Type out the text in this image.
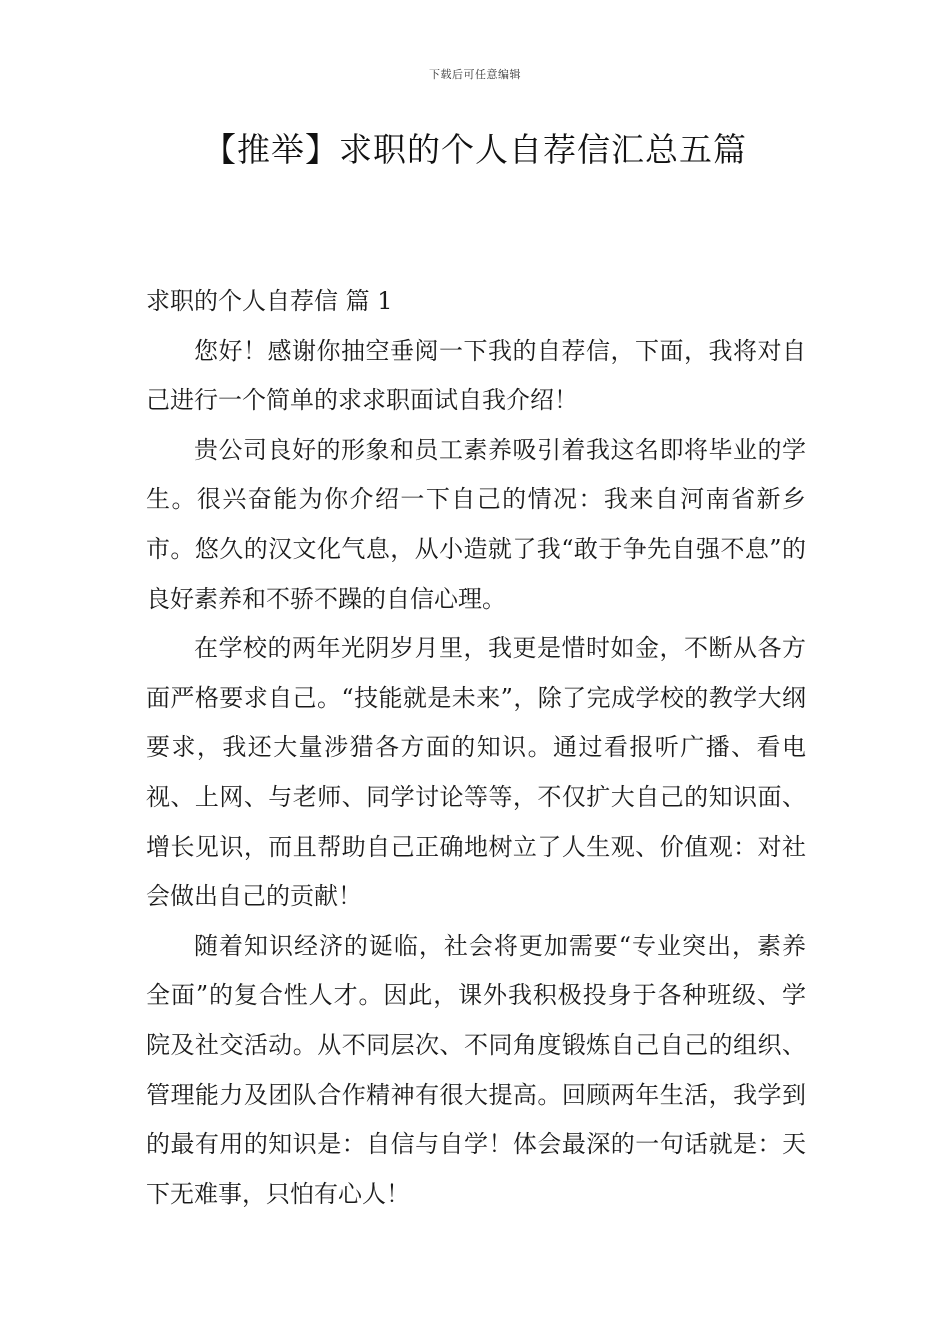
下载后可任意编辑
【推举】求职的个人自荐信汇总五篇
求职的个人自荐信 篇 1

您好！感谢你抽空垂阅一下我的自荐信，下面，我将对自己进行一个简单的求求职面试自我介绍！

贵公司良好的形象和员工素养吸引着我这名即将毕业的学生。很兴奋能为你介绍一下自己的情况：我来自河南省新乡市。悠久的汉文化气息，从小造就了我“敢于争先自强不息”的良好素养和不骄不躁的自信心理。

在学校的两年光阴岁月里，我更是惜时如金，不断从各方面严格要求自己。“技能就是未来”，除了完成学校的教学大纲要求，我还大量涉猎各方面的知识。通过看报听广播、看电视、上网、与老师、同学讨论等等，不仅扩大自己的知识面、增长见识，而且帮助自己正确地树立了人生观、价值观：对社会做出自己的贡献！

随着知识经济的诞临，社会将更加需要“专业突出，素养全面”的复合性人才。因此，课外我积极投身于各种班级、学院及社交活动。从不同层次、不同角度锻炼自己自己的组织、管理能力及团队合作精神有很大提高。回顾两年生活，我学到的最有用的知识是：自信与自学！体会最深的一句话就是：天下无难事，只怕有心人！
